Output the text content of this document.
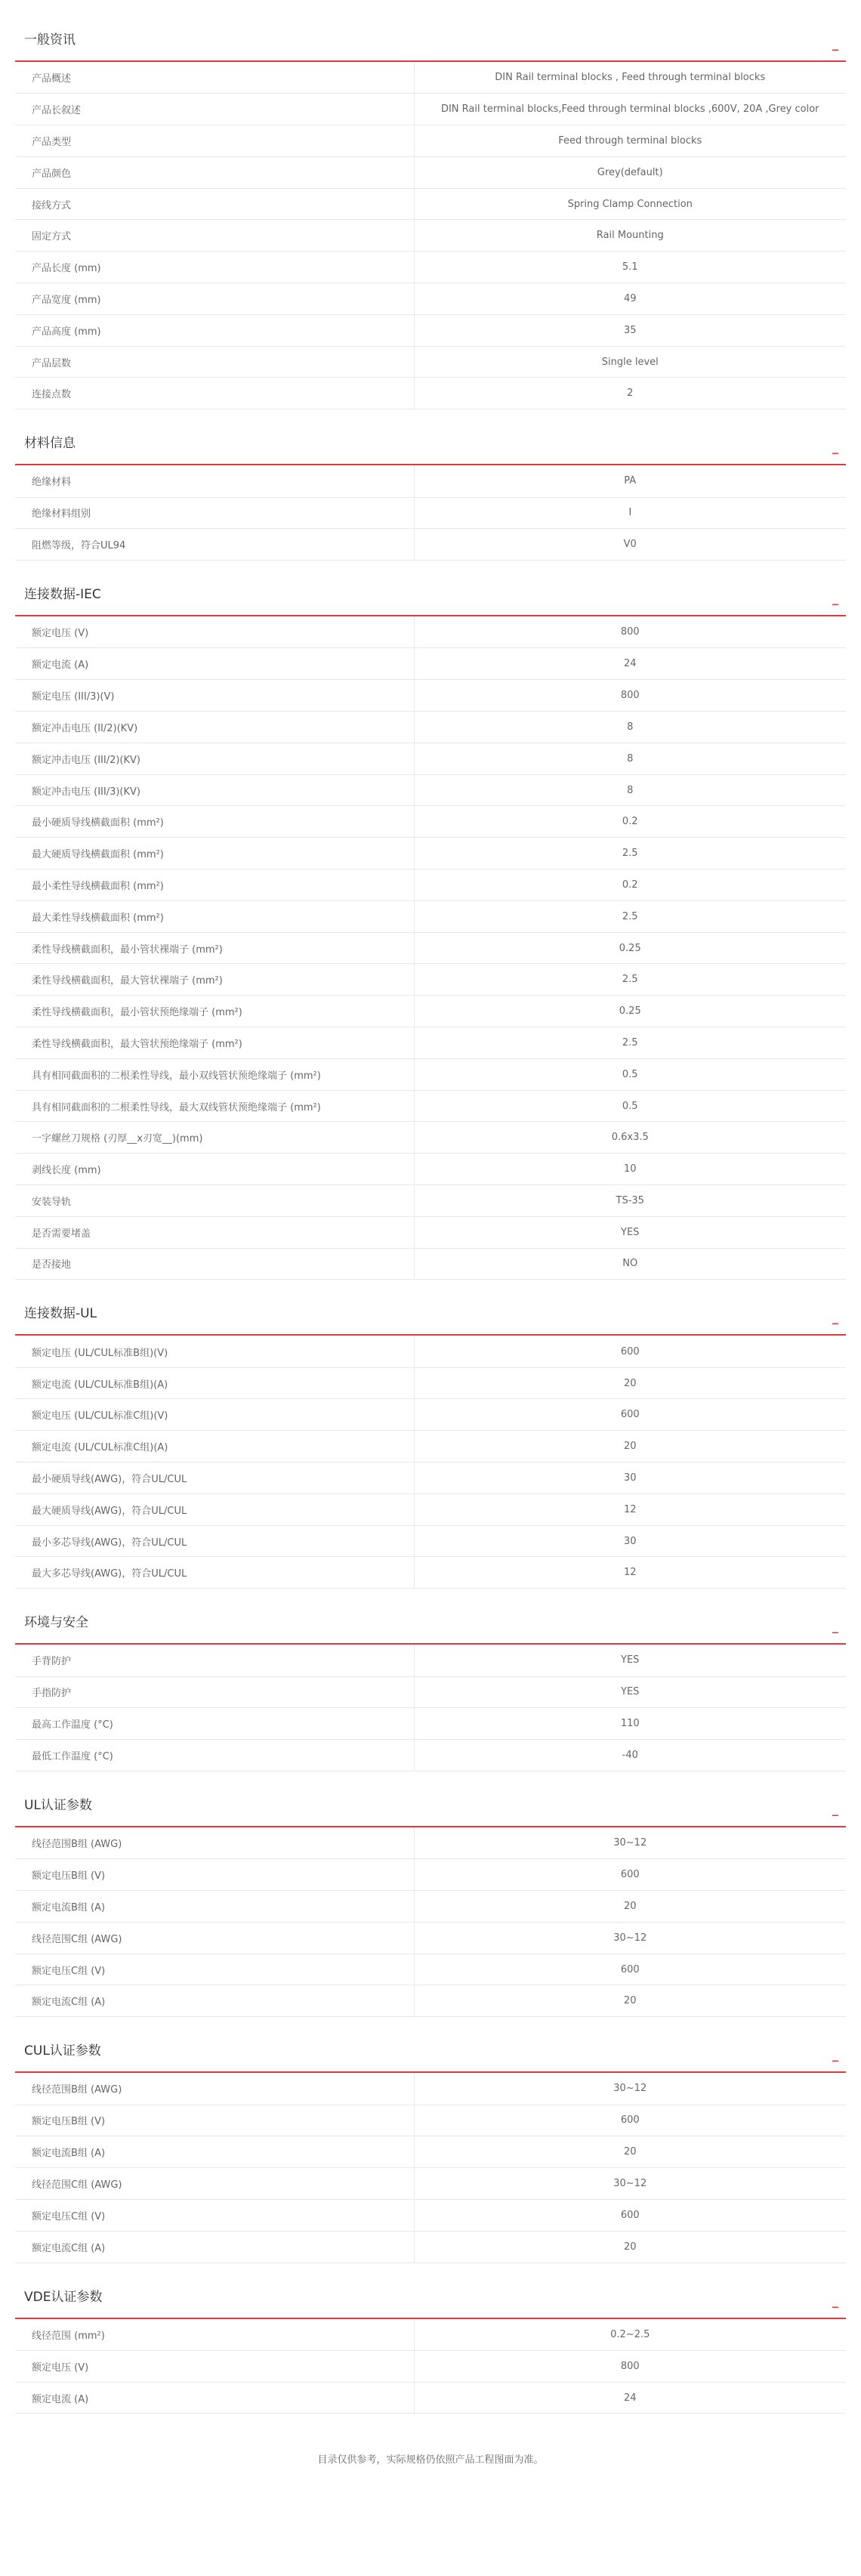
一般资讯	_
产品概述	DIN Rail terminal blocks , Feed through terminal blocks
产品长叙述	DIN Rail terminal blocks,Feed through terminal blocks ,600V, 20A ,Grey color
产品类型	Feed through terminal blocks
产品颜色	Grey(default)
接线方式	Spring Clamp Connection
固定方式	Rail Mounting
产品长度 (mm)	5.1
产品宽度 (mm)	49
产品高度 (mm)	35
产品层数	Single level
连接点数	2
材料信息	_
绝缘材料	PA
绝缘材料组别	I
阻燃等级，符合UL94	V0
连接数据-IEC	_
额定电压 (V)	800
额定电流 (A)	24
额定电压 (III/3)(V)	800
额定冲击电压 (II/2)(KV)	8
额定冲击电压 (III/2)(KV)	8
额定冲击电压 (III/3)(KV)	8
最小硬质导线横截面积 (mm²)	0.2
最大硬质导线横截面积 (mm²)	2.5
最小柔性导线横截面积 (mm²)	0.2
最大柔性导线横截面积 (mm²)	2.5
柔性导线横截面积，最小管状裸端子 (mm²)	0.25
柔性导线横截面积，最大管状裸端子 (mm²)	2.5
柔性导线横截面积，最小管状预绝缘端子 (mm²)	0.25
柔性导线横截面积，最大管状预绝缘端子 (mm²)	2.5
具有相同截面积的二根柔性导线，最小双线管状预绝缘端子 (mm²)	0.5
具有相同截面积的二根柔性导线，最大双线管状预绝缘端子 (mm²)	0.5
一字螺丝刀规格 (刃厚__x刃宽__)(mm)	0.6x3.5
剥线长度 (mm)	10
安装导轨	TS-35
是否需要堵盖	YES
是否接地	NO
连接数据-UL	_
额定电压 (UL/CUL标准B组)(V)	600
额定电流 (UL/CUL标准B组)(A)	20
额定电压 (UL/CUL标准C组)(V)	600
额定电流 (UL/CUL标准C组)(A)	20
最小硬质导线(AWG)，符合UL/CUL	30
最大硬质导线(AWG)，符合UL/CUL	12
最小多芯导线(AWG)，符合UL/CUL	30
最大多芯导线(AWG)，符合UL/CUL	12
环境与安全	_
手背防护	YES
手指防护	YES
最高工作温度 (°C)	110
最低工作温度 (°C)	-40
UL认证参数	_
线径范围B组 (AWG)	30~12
额定电压B组 (V)	600
额定电流B组 (A)	20
线径范围C组 (AWG)	30~12
额定电压C组 (V)	600
额定电流C组 (A)	20
CUL认证参数	_
线径范围B组 (AWG)	30~12
额定电压B组 (V)	600
额定电流B组 (A)	20
线径范围C组 (AWG)	30~12
额定电压C组 (V)	600
额定电流C组 (A)	20
VDE认证参数	_
线径范围 (mm²)	0.2~2.5
额定电压 (V)	800
额定电流 (A)	24
目录仅供参考，实际规格仍依照产品工程图面为准。
